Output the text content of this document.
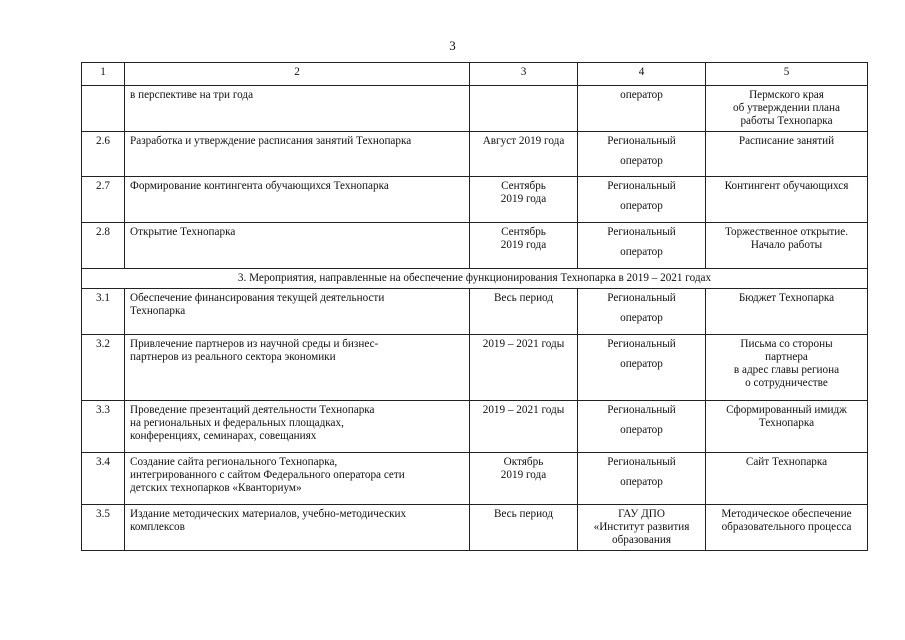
3
1	2	3	4	5

	в перспективе на три года		оператор	Пермского края
об утверждении плана
работы Технопарка

2.6	Разработка и утверждение расписания занятий Технопарка	Август 2019 года	Региональный
оператор	Расписание занятий

2.7	Формирование контингента обучающихся Технопарка	Сентябрь
2019 года	Региональный
оператор	Контингент обучающихся

2.8	Открытие Технопарка	Сентябрь
2019 года	Региональный
оператор	Торжественное открытие.
Начало работы

3. Мероприятия, направленные на обеспечение функционирования Технопарка в 2019 – 2021 годах				
3.1	Обеспечение финансирования текущей деятельности
Технопарка	Весь период	Региональный
оператор	Бюджет Технопарка

3.2	Привлечение партнеров из научной среды и бизнес-
партнеров из реального сектора экономики	2019 – 2021 годы	Региональный
оператор	Письма со стороны
партнера
в адрес главы региона
о сотрудничестве

3.3	Проведение презентаций деятельности Технопарка
на региональных и федеральных площадках,
конференциях, семинарах, совещаниях	2019 – 2021 годы	Региональный
оператор	Сформированный имидж
Технопарка

3.4	Создание сайта регионального Технопарка,
интегрированного с сайтом Федерального оператора сети
детских технопарков «Кванториум»	Октябрь
2019 года	Региональный
оператор	Сайт Технопарка

3.5	Издание методических материалов, учебно-методических
комплексов	Весь период	ГАУ ДПО
«Институт развития
образования	Методическое обеспечение
образовательного процесса
